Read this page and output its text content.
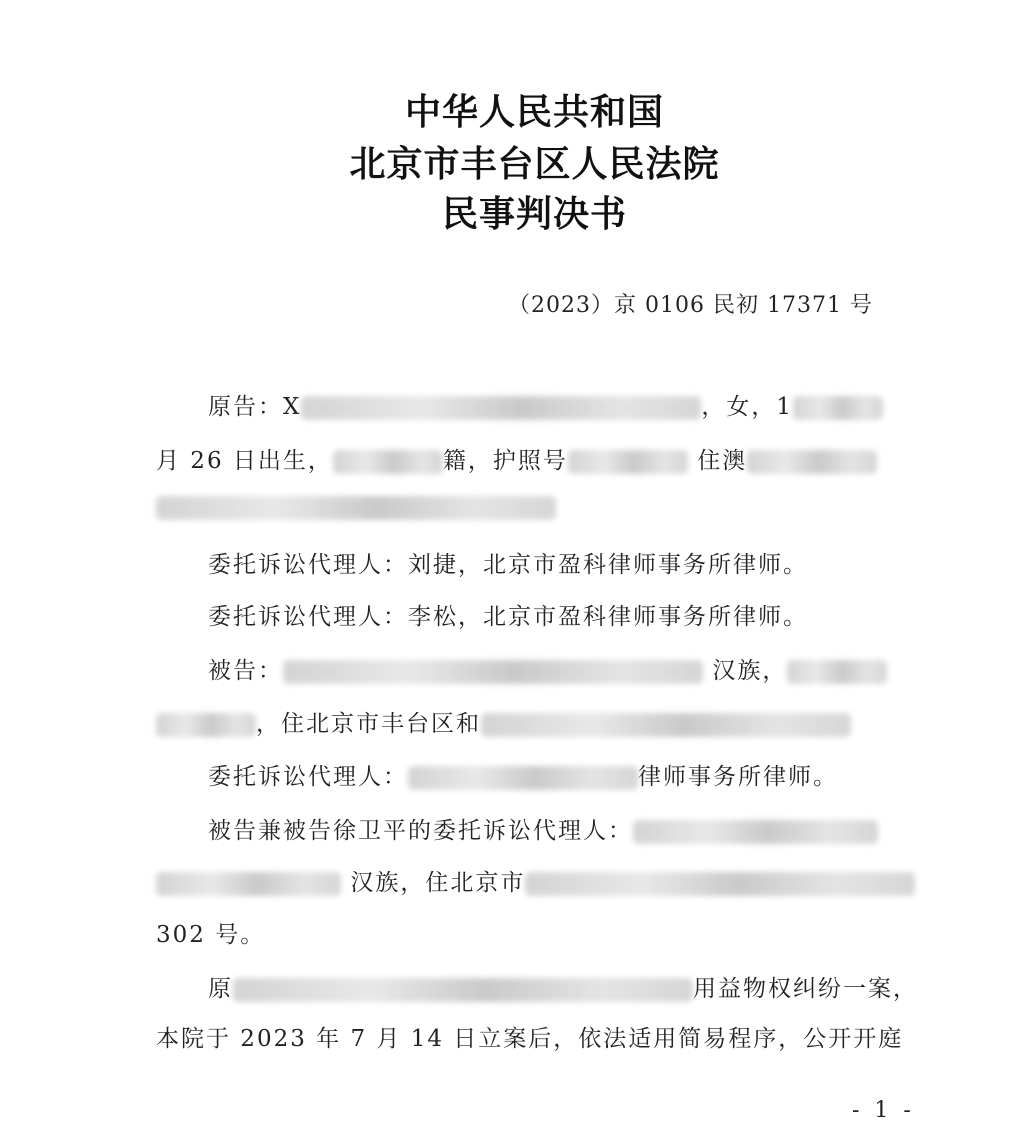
中华人民共和国
北京市丰台区人民法院
民事判决书
（2023）京 0106 民初 17371 号
原告：X	，女，1
月 26 日出生，	籍，护照号	住澳
委托诉讼代理人：刘捷，北京市盈科律师事务所律师。
委托诉讼代理人：李松，北京市盈科律师事务所律师。
被告：	汉族，
，住北京市丰台区和
委托诉讼代理人：	律师事务所律师。
被告兼被告徐卫平的委托诉讼代理人：
汉族，住北京市
302 号。
原	用益物权纠纷一案，
本院于 2023 年 7 月 14 日立案后，依法适用简易程序，公开开庭
- 1 -
